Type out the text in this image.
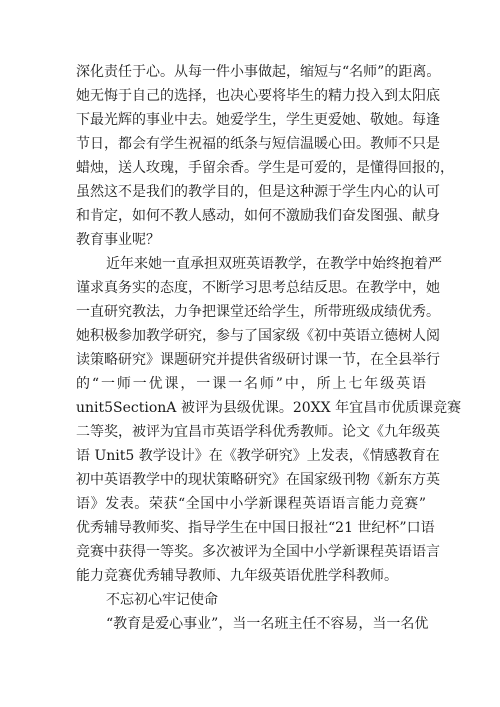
深化责任于心。从每一件小事做起，缩短与“名师”的距离。
她无悔于自己的选择，也决心要将毕生的精力投入到太阳底
下最光辉的事业中去。她爱学生，学生更爱她、敬她。每逢
节日，都会有学生祝福的纸条与短信温暖心田。教师不只是
蜡烛，送人玫瑰，手留余香。学生是可爱的，是懂得回报的，
虽然这不是我们的教学目的，但是这种源于学生内心的认可
和肯定，如何不教人感动，如何不激励我们奋发图强、献身
教育事业呢？
近年来她一直承担双班英语教学，在教学中始终抱着严
谨求真务实的态度，不断学习思考总结反思。在教学中，她
一直研究教法，力争把课堂还给学生，所带班级成绩优秀。
她积极参加教学研究，参与了国家级《初中英语立德树人阅
读策略研究》课题研究并提供省级研讨课一节，在全县举行
的“一师一优课，一课一名师”中，所上七年级英语
unit5SectionA 被评为县级优课。20XX 年宜昌市优质课竞赛
二等奖，被评为宜昌市英语学科优秀教师。论文《九年级英
语 Unit5 教学设计》在《教学研究》上发表，《情感教育在
初中英语教学中的现状策略研究》在国家级刊物《新东方英
语》发表。荣获“全国中小学新课程英语语言能力竞赛”
优秀辅导教师奖、指导学生在中国日报社“21 世纪杯”口语
竞赛中获得一等奖。多次被评为全国中小学新课程英语语言
能力竞赛优秀辅导教师、九年级英语优胜学科教师。
不忘初心牢记使命
“教育是爱心事业”，当一名班主任不容易，当一名优
